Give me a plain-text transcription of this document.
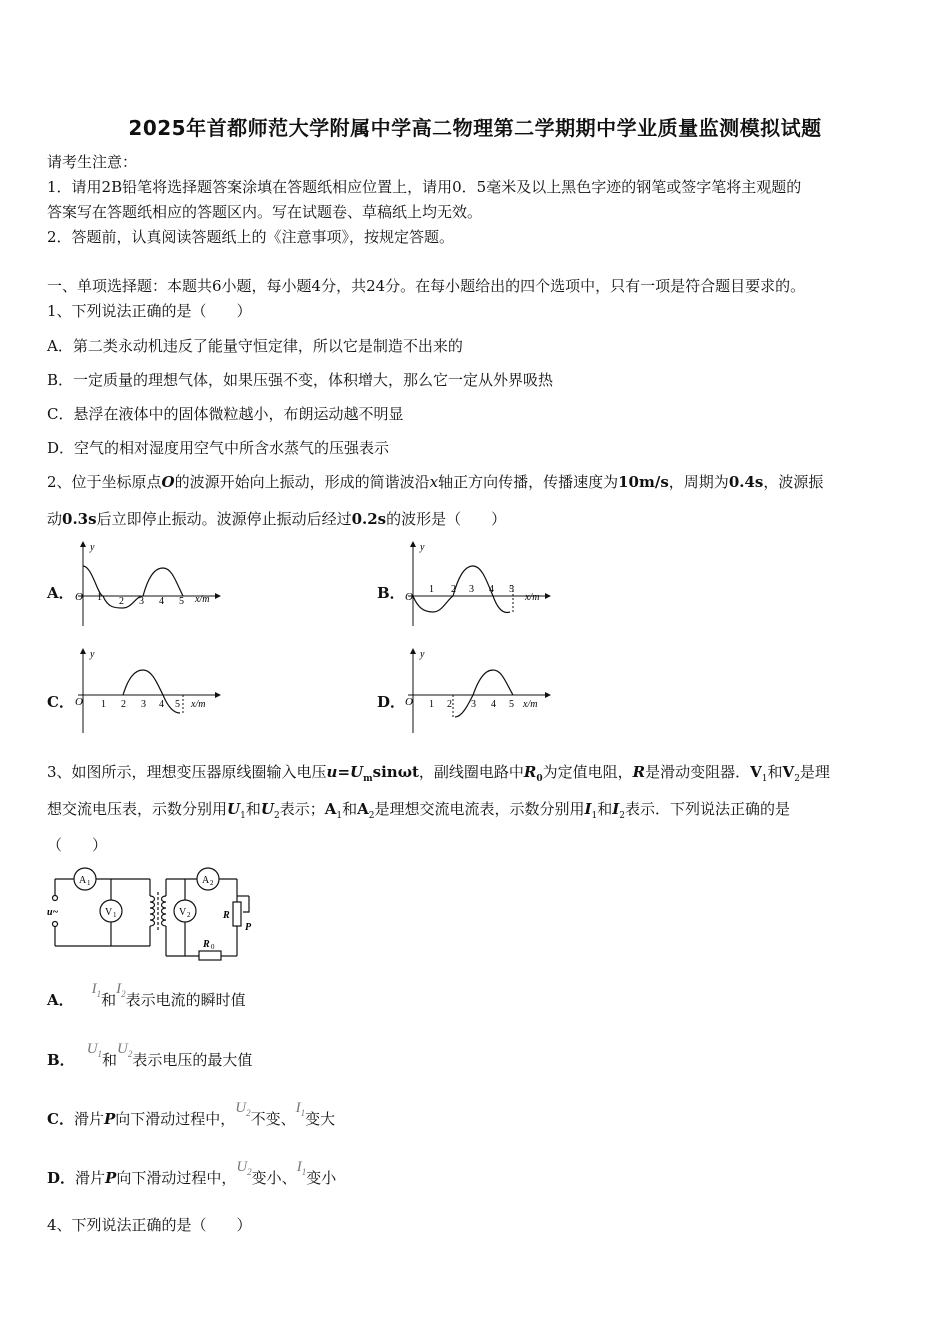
2025年首都师范大学附属中学高二物理第二学期期中学业质量监测模拟试题
请考生注意：
1．请用2B铅笔将选择题答案涂填在答题纸相应位置上，请用0．5毫米及以上黑色字迹的钢笔或签字笔将主观题的
答案写在答题纸相应的答题区内。写在试题卷、草稿纸上均无效。
2．答题前，认真阅读答题纸上的《注意事项》，按规定答题。
一、单项选择题：本题共6小题，每小题4分，共24分。在每小题给出的四个选项中，只有一项是符合题目要求的。
1、下列说法正确的是（　　）
A．第二类永动机违反了能量守恒定律，所以它是制造不出来的
B．一定质量的理想气体，如果压强不变，体积增大，那么它一定从外界吸热
C．悬浮在液体中的固体微粒越小，布朗运动越不明显
D．空气的相对湿度用空气中所含水蒸气的压强表示
2、位于坐标原点O的波源开始向上振动，形成的简谐波沿x轴正方向传播，传播速度为10m/s，周期为0.4s，波源振
动0.3s后立即停止振动。波源停止振动后经过0.2s的波形是（　　）
A．	B．
C．	D．
y
O 1 2 3 4 5 x/m
y
O
1 2 3 4 5
x/m
y
O 1 2 3 4 5 x/m
y
O 1 2 3 4 5 x/m
3、如图所示，理想变压器原线圈输入电压$u=U_m\sin\omega t$，副线圈电路中$R_0$为定值电阻，R是滑动变阻器．$V_1$和$V_2$是理
想交流电压表，示数分别用$U_1$和$U_2$表示；$A_1$和$A_2$是理想交流电流表，示数分别用$I_1$和$I_2$表示．下列说法正确的是
（　　）
A 1	A 2
V 1	V 2
u~	R
P
R 0
A．$I_1$和$I_2$表示电流的瞬时值
B．$U_1$和$U_2$表示电压的最大值
C．滑片P向下滑动过程中，$U_2$不变、$I_1$变大
D．滑片P向下滑动过程中，$U_2$变小、$I_1$变小
4、下列说法正确的是（　　）
